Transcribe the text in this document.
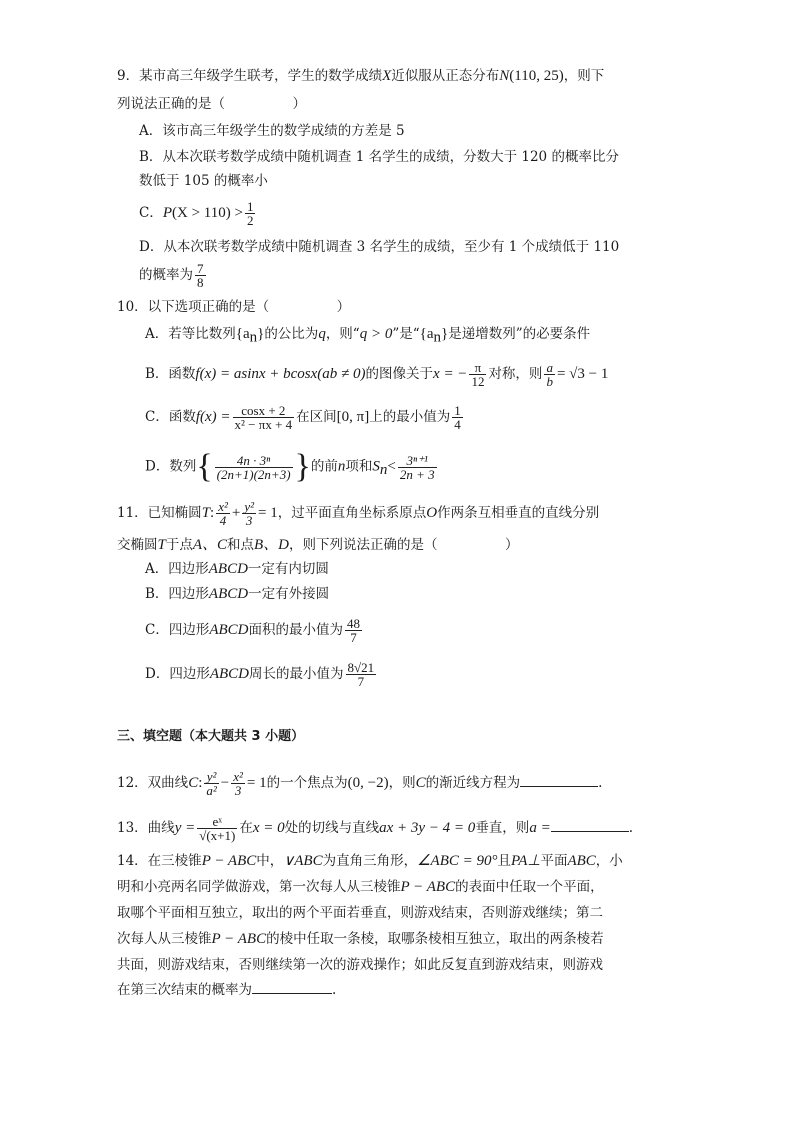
9．某市高三年级学生联考，学生的数学成绩X近似服从正态分布N(110, 25)，则下
列说法正确的是（　　　　　）
A．该市高三年级学生的数学成绩的方差是 5
B．从本次联考数学成绩中随机调查 1 名学生的成绩，分数大于 120 的概率比分
数低于 105 的概率小
C．$P(X > 110) > \frac{1}{2}$
D．从本次联考数学成绩中随机调查 3 名学生的成绩，至少有 1 个成绩低于 110
的概率为 $\frac{7}{8}$
10．以下选项正确的是（　　　　　）
A．若等比数列$\{a_n\}$的公比为q，则“q > 0”是“$\{a_n\}$是递增数列”的必要条件
B．函数f(x) = asinx + bcosx(ab ≠ 0)的图像关于x = − $\frac{\pi}{12}$ 对称，则 $\frac{a}{b} = √3 - 1$
C．函数$f(x) = \frac{\cos x + 2}{\text{x² − πx + 4}}$ 在区间[0, π]上的最小值为 $\frac{1}{4}$
D．数列{ $\frac{\text{4n · 3ⁿ}}{(2n+1)(2n+3)}$ }的前n项和$S_n< \frac{\text{3ⁿ⁺¹}}{2n + 3}$
11．已知椭圆T: $\frac{\text{x²}}{4} + \frac{\text{y²}}{3} = 1$，过平面直角坐标系原点O作两条互相垂直的直线分别
交椭圆T于点A、C和点B、D，则下列说法正确的是（　　　　　）
A．四边形ABCD一定有内切圆
B．四边形ABCD一定有外接圆
C．四边形ABCD面积的最小值为 $\frac{48}{7}$
D．四边形ABCD周长的最小值为 $\frac{8√21}{7}$
三、填空题（本大题共 3 小题）
12．双曲线C: $\frac{\text{y²}}{\text{a²}} - \frac{\text{x²}}{3} = 1$的一个焦点为(0, −2)，则C的渐近线方程为	.
13．曲线$y = \frac{\text{eˣ}}{√(x+1)}$ 在x = 0处的切线与直线ax + 3y − 4 = 0垂直，则a =	.
14．在三棱锥P − ABC中，∨ABC为直角三角形，∠ABC = 90°且PA⊥平面ABC，小
明和小亮两名同学做游戏，第一次每人从三棱锥P − ABC的表面中任取一个平面，
取哪个平面相互独立，取出的两个平面若垂直，则游戏结束，否则游戏继续；第二
次每人从三棱锥P − ABC的棱中任取一条棱，取哪条棱相互独立，取出的两条棱若
共面，则游戏结束，否则继续第一次的游戏操作；如此反复直到游戏结束，则游戏
在第三次结束的概率为	.
